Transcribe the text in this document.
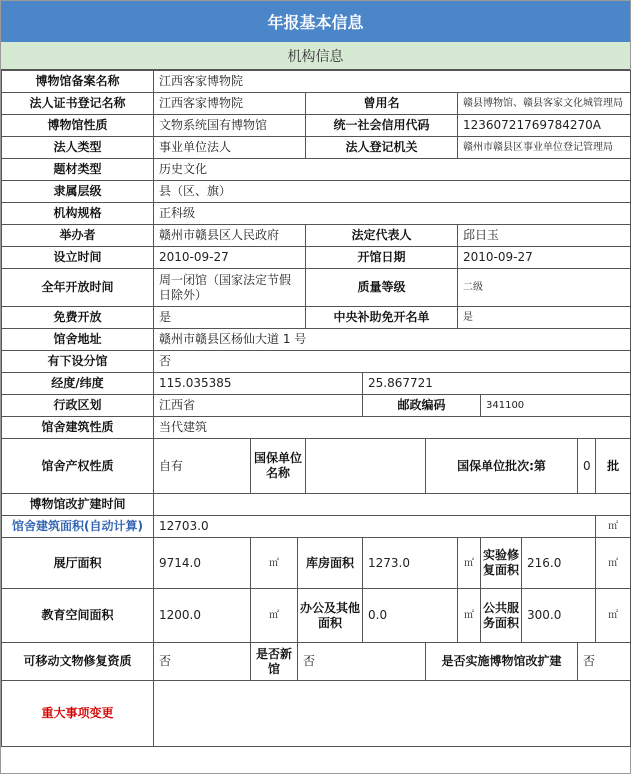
年报基本信息
机构信息
博物馆备案名称	江西客家博物院										
法人证书登记名称	江西客家博物院			曾用名			赣县博物馆、赣县客家文化城管理局				
博物馆性质	文物系统国有博物馆			统一社会信用代码			12360721769784270A				
法人类型	事业单位法人			法人登记机关			赣州市赣县区事业单位登记管理局				
题材类型	历史文化										
隶属层级	县（区、旗）										
机构规格	正科级										
举办者	赣州市赣县区人民政府			法定代表人			邱日玉				
设立时间	2010-09-27			开馆日期			2010-09-27				
全年开放时间	周一闭馆（国家法定节假日除外）			质量等级			二级				
免费开放	是			中央补助免开名单			是				
馆舍地址	赣州市赣县区杨仙大道 1 号										
有下设分馆	否										
经度/纬度	115.035385				25.867721						
行政区划	江西省				邮政编码			341100			
馆舍建筑性质	当代建筑										
馆舍产权性质	自有	国保单位名称				国保单位批次:第				0	批
博物馆改扩建时间											
馆舍建筑面积(自动计算)	12703.0										㎡
展厅面积	9714.0	㎡	库房面积		1273.0		㎡	实验修复面积	216.0		㎡
教育空间面积	1200.0	㎡	办公及其他面积		0.0		㎡	公共服务面积	300.0		㎡
可移动文物修复资质	否	是否新馆	否			是否实施博物馆改扩建				否	
重大事项变更											
